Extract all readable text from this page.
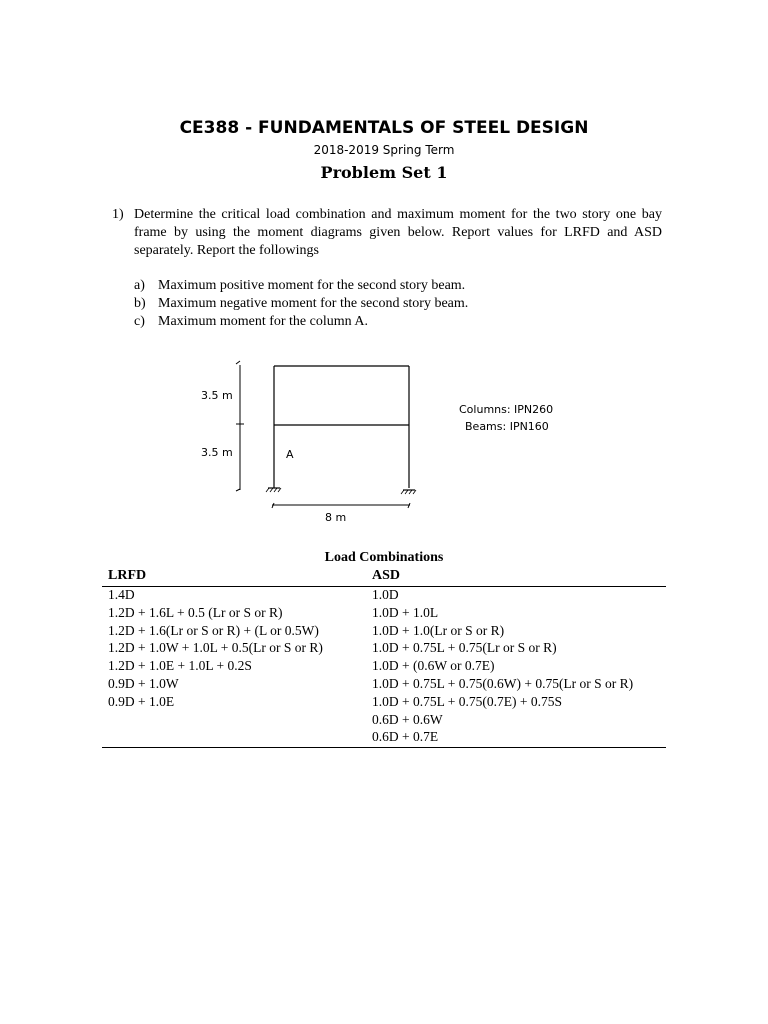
CE388 - FUNDAMENTALS OF STEEL DESIGN
2018-2019 Spring Term
Problem Set 1
1) Determine the critical load combination and maximum moment for the two story one bay frame by using the moment diagrams given below. Report values for LRFD and ASD separately. Report the followings
a) Maximum positive moment for the second story beam.
b) Maximum negative moment for the second story beam.
c) Maximum moment for the column A.
3.5 m
3.5 m	A
8 m
Columns: IPN260
Beams: IPN160
Load Combinations
LRFD	ASD
1.4D
1.2D + 1.6L + 0.5 (Lr or S or R)
1.2D + 1.6(Lr or S or R) + (L or 0.5W)
1.2D + 1.0W + 1.0L + 0.5(Lr or S or R)
1.2D + 1.0E + 1.0L + 0.2S
0.9D + 1.0W
0.9D + 1.0E
1.0D
1.0D + 1.0L
1.0D + 1.0(Lr or S or R)
1.0D + 0.75L + 0.75(Lr or S or R)
1.0D + (0.6W or 0.7E)
1.0D + 0.75L + 0.75(0.6W) + 0.75(Lr or S or R)
1.0D + 0.75L + 0.75(0.7E) + 0.75S
0.6D + 0.6W
0.6D + 0.7E
